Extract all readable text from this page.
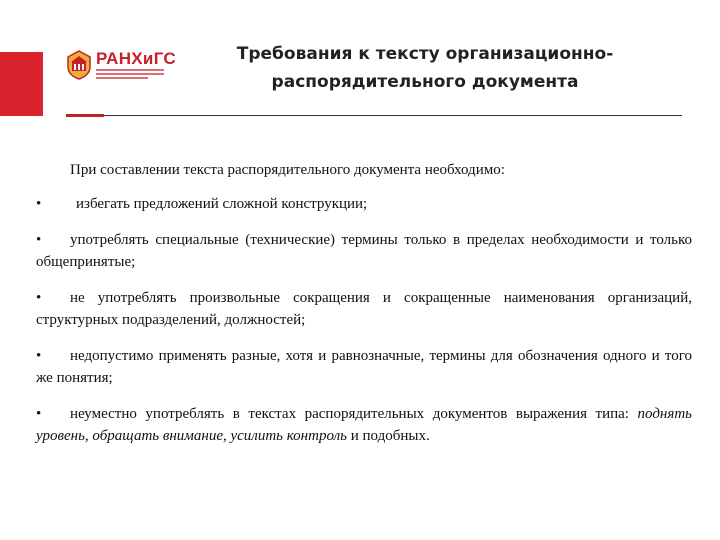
РАНХиГС	Требования к тексту организационно-
распорядительного документа
При составлении текста распорядительного документа необходимо:
•	избегать предложений сложной конструкции;
• употреблять специальные (технические) термины только в пределах необходимости и только общепринятые;
• не употреблять произвольные сокращения и сокращенные наименования организаций, структурных подразделений, должностей;
• недопустимо применять разные, хотя и равнозначные, термины для обозначения одного и того же понятия;
• неуместно употреблять в текстах распорядительных документов выражения типа: поднять уровень, обращать внимание, усилить контроль и подобных.
